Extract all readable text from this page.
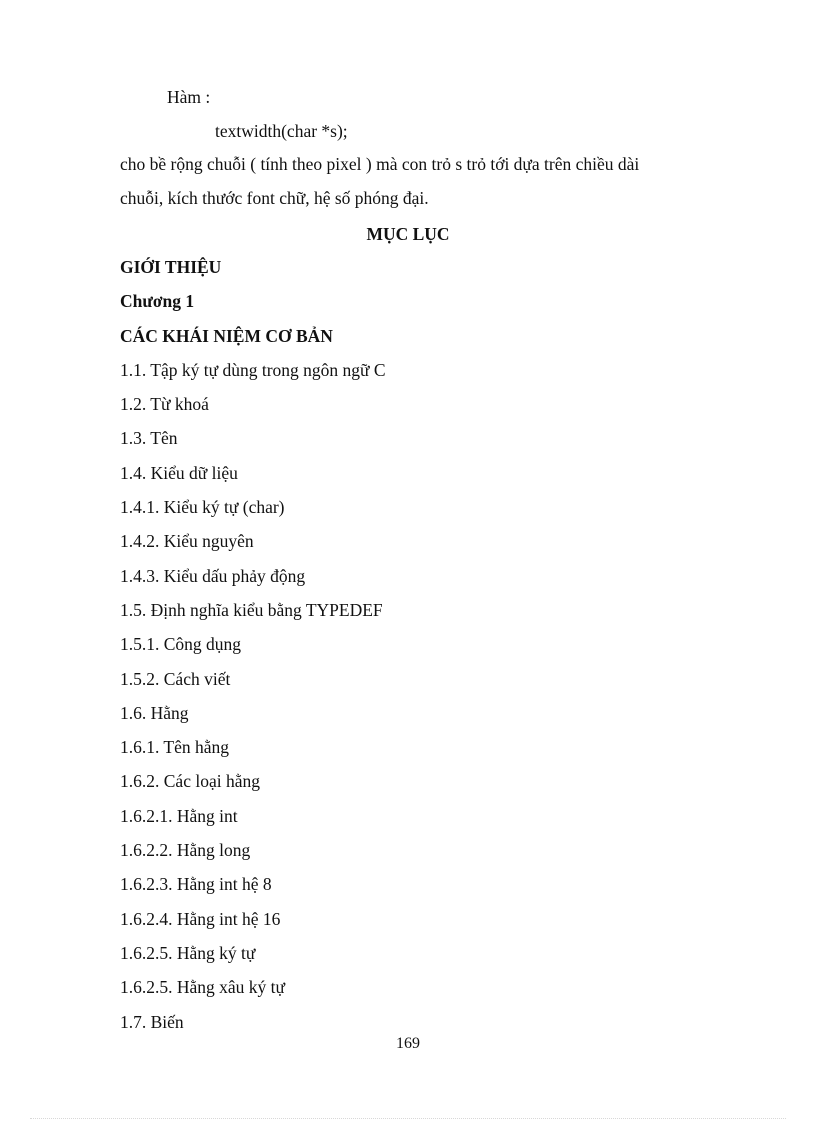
Hàm :
textwidth(char *s);
cho bề rộng chuỗi ( tính theo pixel ) mà con trỏ s trỏ tới dựa trên chiều dài
chuỗi, kích thước font chữ, hệ số phóng đại.
MỤC LỤC
GIỚI THIỆU
Chương 1
CÁC KHÁI NIỆM CƠ BẢN
1.1. Tập ký tự dùng trong ngôn ngữ C
1.2. Từ khoá
1.3. Tên
1.4. Kiểu dữ liệu
1.4.1. Kiểu ký tự (char)
1.4.2. Kiểu nguyên
1.4.3. Kiểu dấu phảy động
1.5. Định nghĩa kiểu bằng TYPEDEF
1.5.1. Công dụng
1.5.2. Cách viết
1.6. Hằng
1.6.1. Tên hằng
1.6.2. Các loại hằng
1.6.2.1. Hằng int
1.6.2.2. Hằng long
1.6.2.3. Hằng int hệ 8
1.6.2.4. Hằng int hệ 16
1.6.2.5. Hằng ký tự
1.6.2.5. Hằng xâu ký tự
1.7. Biến
169
